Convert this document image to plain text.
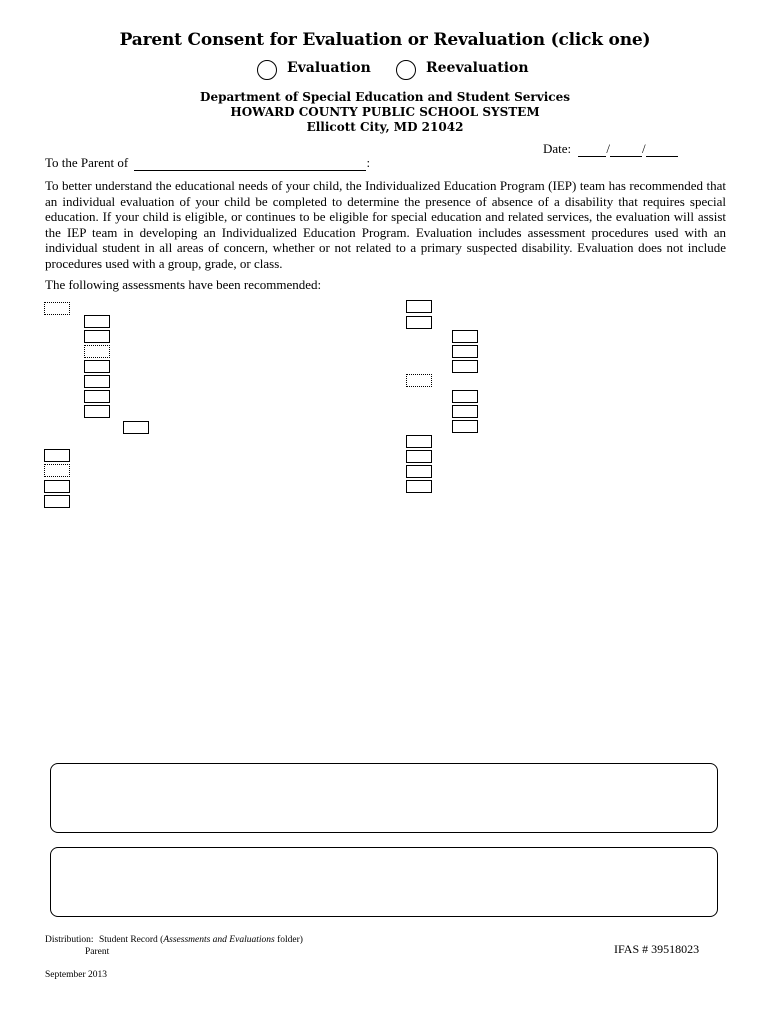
Parent Consent for Evaluation or Revaluation (click one)
Evaluation	Reevaluation
Department of Special Education and Student Services
HOWARD COUNTY PUBLIC SCHOOL SYSTEM
Ellicott City, MD 21042
Date:	/ /
To the Parent of	:
To better understand the educational needs of your child, the Individualized Education Program (IEP) team has recommended that an individual evaluation of your child be completed to determine the presence of absence of a disability that requires special education. If your child is eligible, or continues to be eligible for special education and related services, the evaluation will assist the IEP team in developing an Individualized Education Program. Evaluation includes assessment procedures used with an individual student in all areas of concern, whether or not related to a primary suspected disability. Evaluation does not include procedures used with a group, grade, or class.
The following assessments have been recommended:
Distribution: Student Record (Assessments and Evaluations folder)
Parent	IFAS # 39518023
September 2013
